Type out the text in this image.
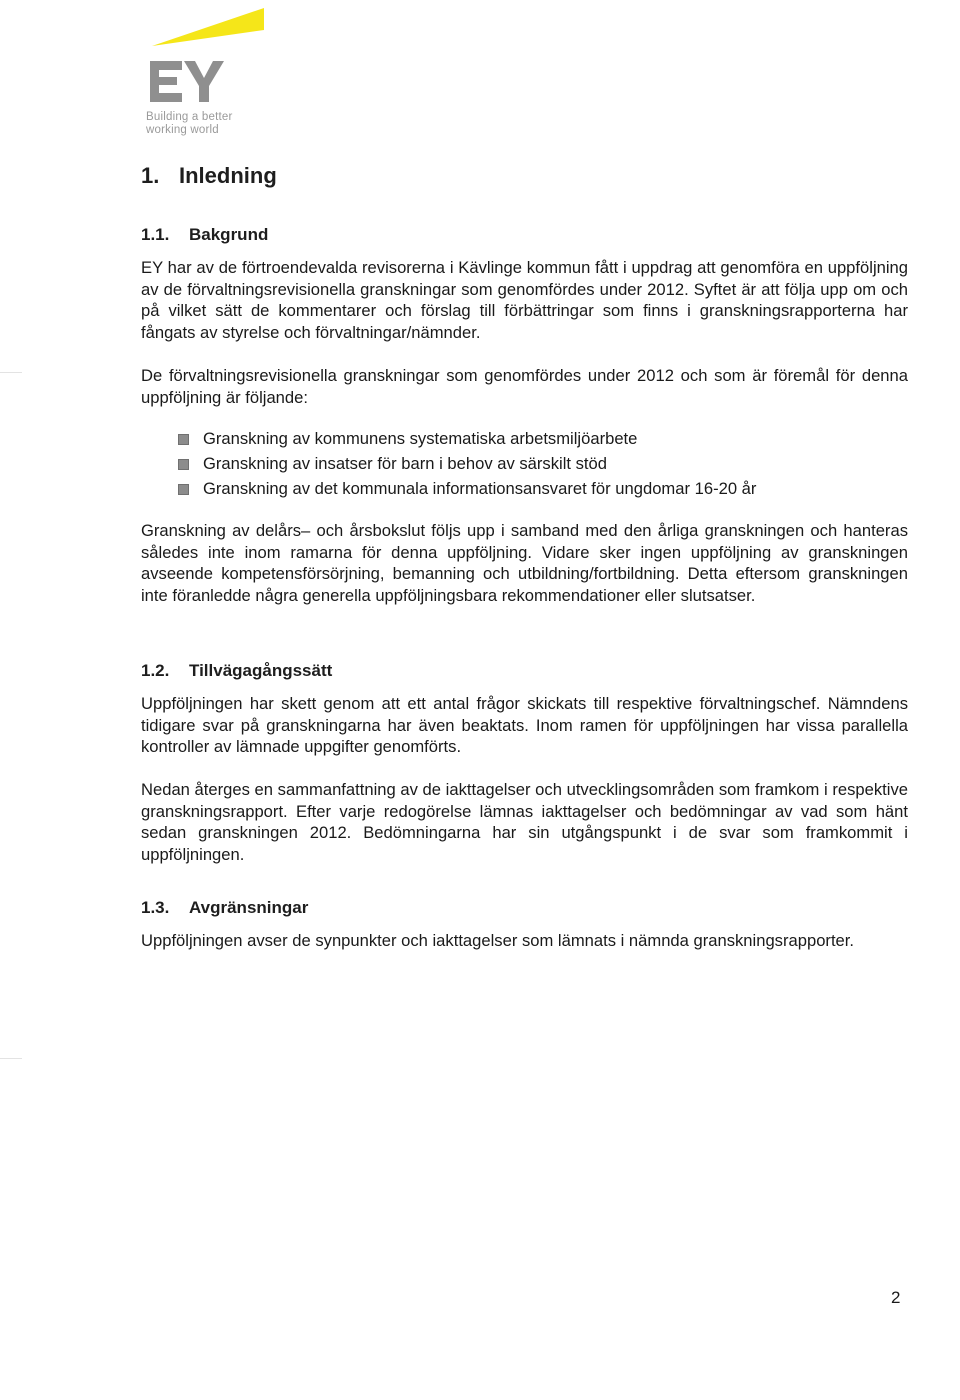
Building a better
working world
1. Inledning
1.1. Bakgrund

EY har av de förtroendevalda revisorerna i Kävlinge kommun fått i uppdrag att genomföra en uppföljning av de förvaltningsrevisionella granskningar som genomfördes under 2012. Syftet är att följa upp om och på vilket sätt de kommentarer och förslag till förbättringar som finns i granskningsrapporterna har fångats av styrelse och förvaltningar/nämnder.

De förvaltningsrevisionella granskningar som genomfördes under 2012 och som är föremål för denna uppföljning är följande:

Granskning av kommunens systematiska arbetsmiljöarbete
Granskning av insatser för barn i behov av särskilt stöd
Granskning av det kommunala informationsansvaret för ungdomar 16-20 år

Granskning av delårs– och årsbokslut följs upp i samband med den årliga granskningen och hanteras således inte inom ramarna för denna uppföljning. Vidare sker ingen uppföljning av granskningen avseende kompetensförsörjning, bemanning och utbildning/fortbildning. Detta eftersom granskningen inte föranledde några generella uppföljningsbara rekommendationer eller slutsatser.

1.2. Tillvägagångssätt

Uppföljningen har skett genom att ett antal frågor skickats till respektive förvaltningschef. Nämndens tidigare svar på granskningarna har även beaktats. Inom ramen för uppföljningen har vissa parallella kontroller av lämnade uppgifter genomförts.

Nedan återges en sammanfattning av de iakttagelser och utvecklingsområden som framkom i respektive granskningsrapport. Efter varje redogörelse lämnas iakttagelser och bedömningar av vad som hänt sedan granskningen 2012. Bedömningarna har sin utgångspunkt i de svar som framkommit i uppföljningen.

1.3. Avgränsningar

Uppföljningen avser de synpunkter och iakttagelser som lämnats i nämnda granskningsrapporter.

2
